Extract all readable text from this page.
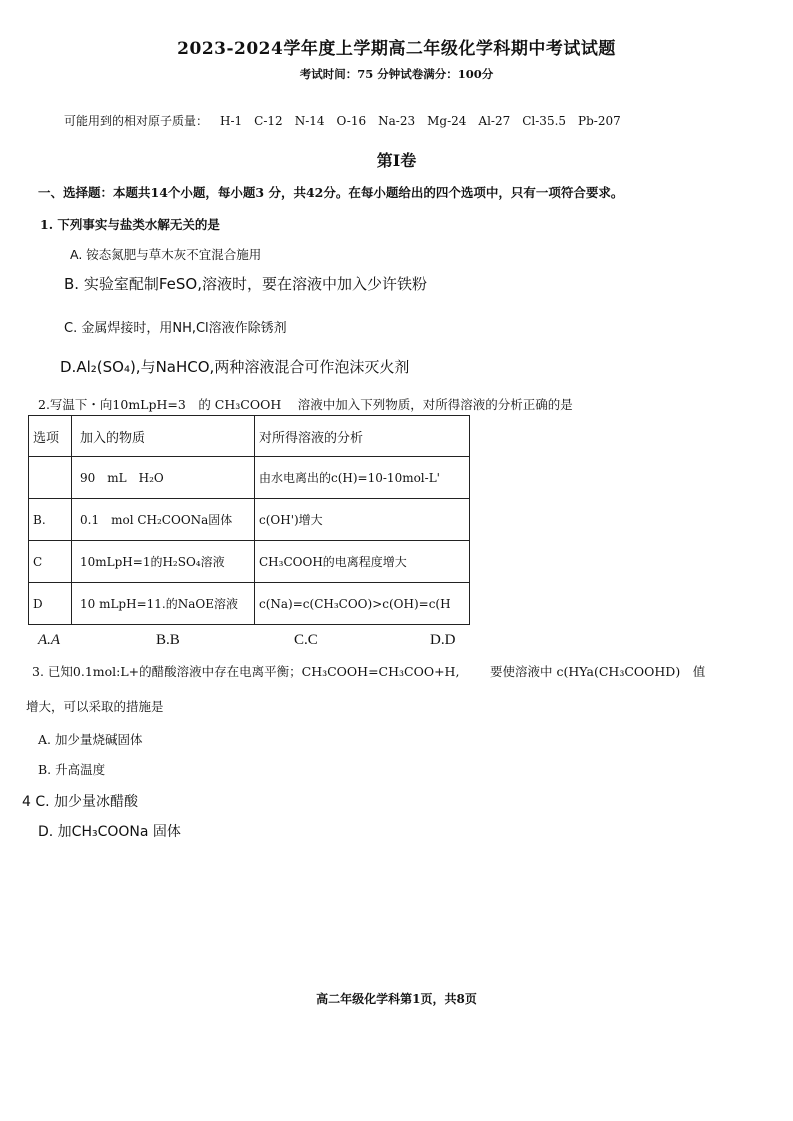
2023-2024学年度上学期高二年级化学科期中考试试题
考试时间：75 分钟试卷满分：100分
可能用到的相对原子质量： H-1 C-12 N-14 O-16 Na-23 Mg-24 Al-27 Cl-35.5 Pb-207
第I卷
一、选择题：本题共14个小题，每小题3 分，共42分。在每小题给出的四个选项中，只有一项符合要求。
1. 下列事实与盐类水解无关的是
A. 铵态氮肥与草木灰不宜混合施用
B. 实验室配制FeSO,溶液时，要在溶液中加入少许铁粉
C. 金属焊接时，用NH,Cl溶液作除锈剂
D.Al₂(SO₄),与NaHCO,两种溶液混合可作泡沫灭火剂
2.写温下・向10mLpH=3　的 CH₃COOH　 溶液中加入下列物质，对所得溶液的分析正确的是
选项	加入的物质	对所得溶液的分析
	90　mL　H₂O	由水电离出的c(H)=10-10mol-L'
B.	0.1　mol CH₂COONa固体	c(OH')增大
C	10mLpH=1的H₂SO₄溶液	CH₃COOH的电离程度增大
D	10 mLpH=11.的NaOE溶液	c(Na)=c(CH₃COO)>c(OH)=c(H
A.A	B.B	C.C	D.D
3. 已知0.1mol:L+的醋酸溶液中存在电离平衡；CH₃COOH=CH₃COO+H, 要使溶液中 c(HYa(CH₃COOHD)　值
增大，可以采取的措施是
A. 加少量烧碱固体
B. 升高温度
4 C. 加少量冰醋酸
D. 加CH₃COONa 固体
高二年级化学科第1页，共8页
